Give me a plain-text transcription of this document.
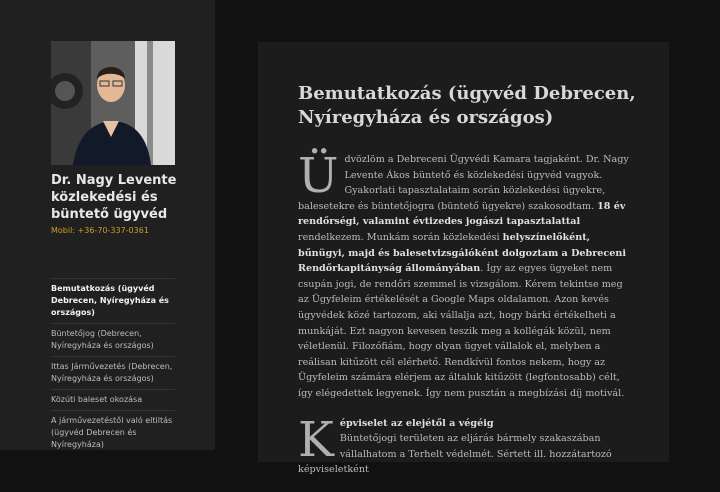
Dr. Nagy Levente közlekedési és büntető ügyvéd
Mobil: +36-70-337-0361
Bemutatkozás (ügyvéd Debrecen, Nyíregyháza és országos)
Büntetőjog (Debrecen, Nyíregyháza és országos)
Ittas Járművezetés (Debrecen, Nyíregyháza és országos)
Közúti baleset okozása
A járművezetéstől való eltiltás (ügyvéd Debrecen és Nyíregyháza)
Bemutatkozás (ügyvéd Debrecen, Nyíregyháza és országos)

Üdvözlöm a Debreceni Ügyvédi Kamara tagjaként. Dr. Nagy Levente Ákos büntető és közlekedési ügyvéd vagyok. Gyakorlati tapasztalataim során közlekedési ügyekre, balesetekre és büntetőjogra (büntető ügyekre) szakosodtam. 18 év rendőrségi, valamint évtizedes jogászi tapasztalattal rendelkezem. Munkám során közlekedési helyszínelőként, bűnügyi, majd és balesetvizsgálóként dolgoztam a Debreceni Rendőrkapitányság állományában. Így az egyes ügyeket nem csupán jogi, de rendőri szemmel is vizsgálom. Kérem tekintse meg az Ügyfeleim értékelését a Google Maps oldalamon. Azon kevés ügyvédek közé tartozom, aki vállalja azt, hogy bárki értékelheti a munkáját. Ezt nagyon kevesen teszik meg a kollégák közül, nem véletlenül. Filozófiám, hogy olyan ügyet vállalok el, melyben a reálisan kitűzött cél elérhető. Rendkívül fontos nekem, hogy az Ügyfeleim számára elérjem az általuk kitűzött (legfontosabb) célt, így elégedettek legyenek. Így nem pusztán a megbízási díj motivál.

Képviselet az elejétől a végéig
Büntetőjogi területen az eljárás bármely szakaszában vállalhatom a Terhelt védelmét. Sértett ill. hozzátartozó képviseletként
